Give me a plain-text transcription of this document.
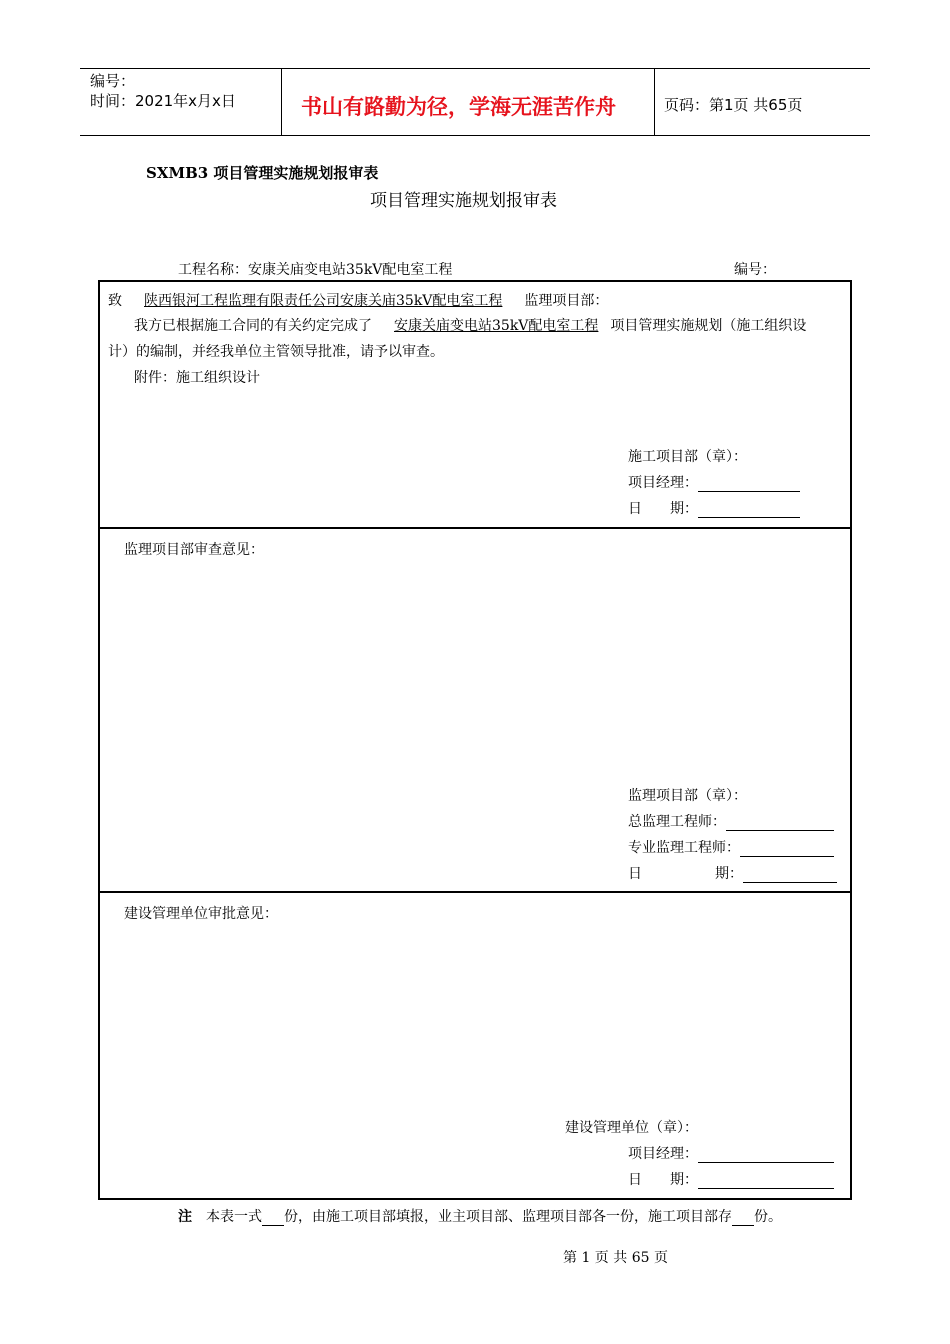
编号：
时间：2021年x月x日	书山有路勤为径，学海无涯苦作舟	页码：第1页 共65页
SXMB3 项目管理实施规划报审表
项目管理实施规划报审表
工程名称：安康关庙变电站35kV配电室工程	编号：
致 陕西银河工程监理有限责任公司安康关庙35kV配电室工程 监理项目部：
我方已根据施工合同的有关约定完成了 安康关庙变电站35kV配电室工程 项目管理实施规划（施工组织设
计）的编制，并经我单位主管领导批准，请予以审查。
附件：施工组织设计
施工项目部（章）：
项目经理：
日　　期：
监理项目部审查意见：
监理项目部（章）：
总监理工程师：
专业监理工程师：
日	期：
建设管理单位审批意见：
建设管理单位（章）：
项目经理：
日　　期：
注 本表一式 份，由施工项目部填报，业主项目部、监理项目部各一份，施工项目部存 份。
第 1 页 共 65 页
